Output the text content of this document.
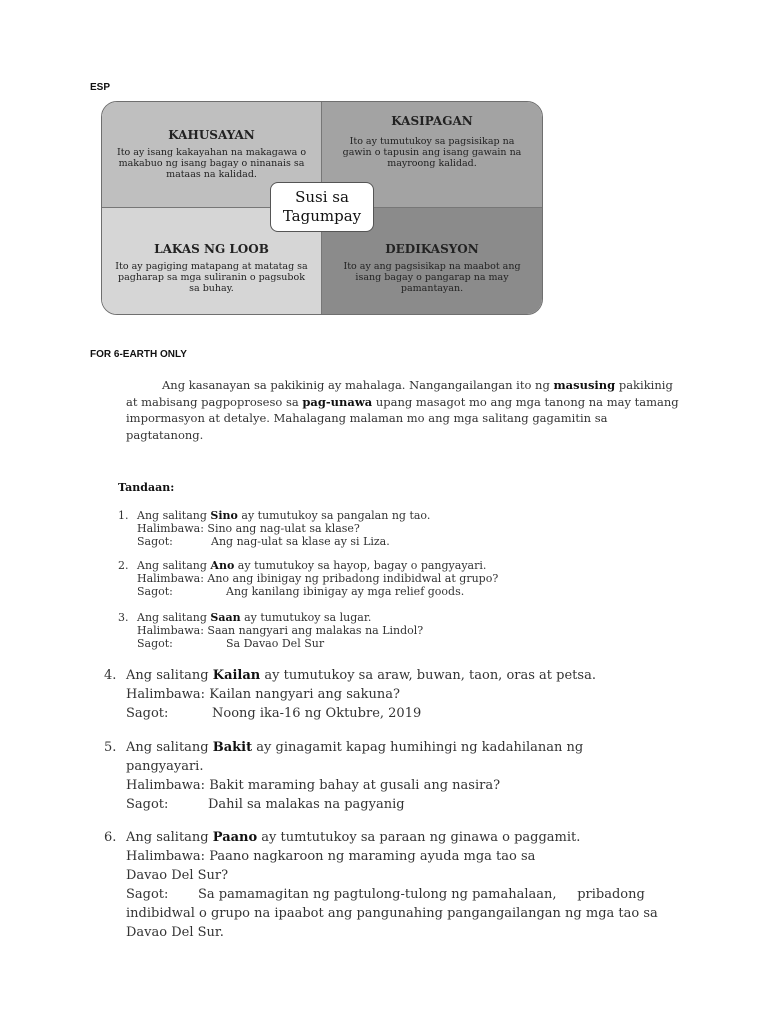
ESP
KAHUSAYAN
Ito ay isang kakayahan na makagawa o makabuo ng isang bagay o ninanais sa mataas na kalidad.
KASIPAGAN
Ito ay tumutukoy sa pagsisikap na gawin o tapusin ang isang gawain na mayroong kalidad.
LAKAS NG LOOB
Ito ay pagiging matapang at matatag sa pagharap sa mga suliranin o pagsubok sa buhay.
DEDIKASYON
Ito ay ang pagsisikap na maabot ang isang bagay o pangarap na may pamantayan.
Susi sa
Tagumpay
FOR 6-EARTH ONLY
Ang kasanayan sa pakikinig ay mahalaga. Nangangailangan ito ng masusing pakikinig at mabisang pagpoproseso sa pag-unawa upang masagot mo ang mga tanong na may tamang impormasyon at detalye. Mahalagang malaman mo ang mga salitang gagamitin sa pagtatanong.
Tandaan:
1. Ang salitang Sino ay tumutukoy sa pangalan ng tao.
Halimbawa: Sino ang nag-ulat sa klase?
Sagot:	Ang nag-ulat sa klase ay si Liza.
2. Ang salitang Ano ay tumutukoy sa hayop, bagay o pangyayari.
Halimbawa: Ano ang ibinigay ng pribadong indibidwal at grupo?
Sagot:	Ang kanilang ibinigay ay mga relief goods.
3. Ang salitang Saan ay tumutukoy sa lugar.
Halimbawa: Saan nangyari ang malakas na Lindol?
Sagot:	Sa Davao Del Sur
4. Ang salitang Kailan ay tumutukoy sa araw, buwan, taon, oras at petsa.
Halimbawa: Kailan nangyari ang sakuna?
Sagot:	Noong ika-16 ng Oktubre, 2019
5. Ang salitang Bakit ay ginagamit kapag humihingi ng kadahilanan ng
pangyayari.
Halimbawa: Bakit maraming bahay at gusali ang nasira?
Sagot:	Dahil sa malakas na pagyanig
6. Ang salitang Paano ay tumtutukoy sa paraan ng ginawa o paggamit.
Halimbawa: Paano nagkaroon ng maraming ayuda mga tao sa
Davao Del Sur?
Sagot: Sa pamamagitan ng pagtulong-tulong ng pamahalaan,     pribadong
indibidwal o grupo na ipaabot ang pangunahing pangangailangan ng mga tao sa
Davao Del Sur.
